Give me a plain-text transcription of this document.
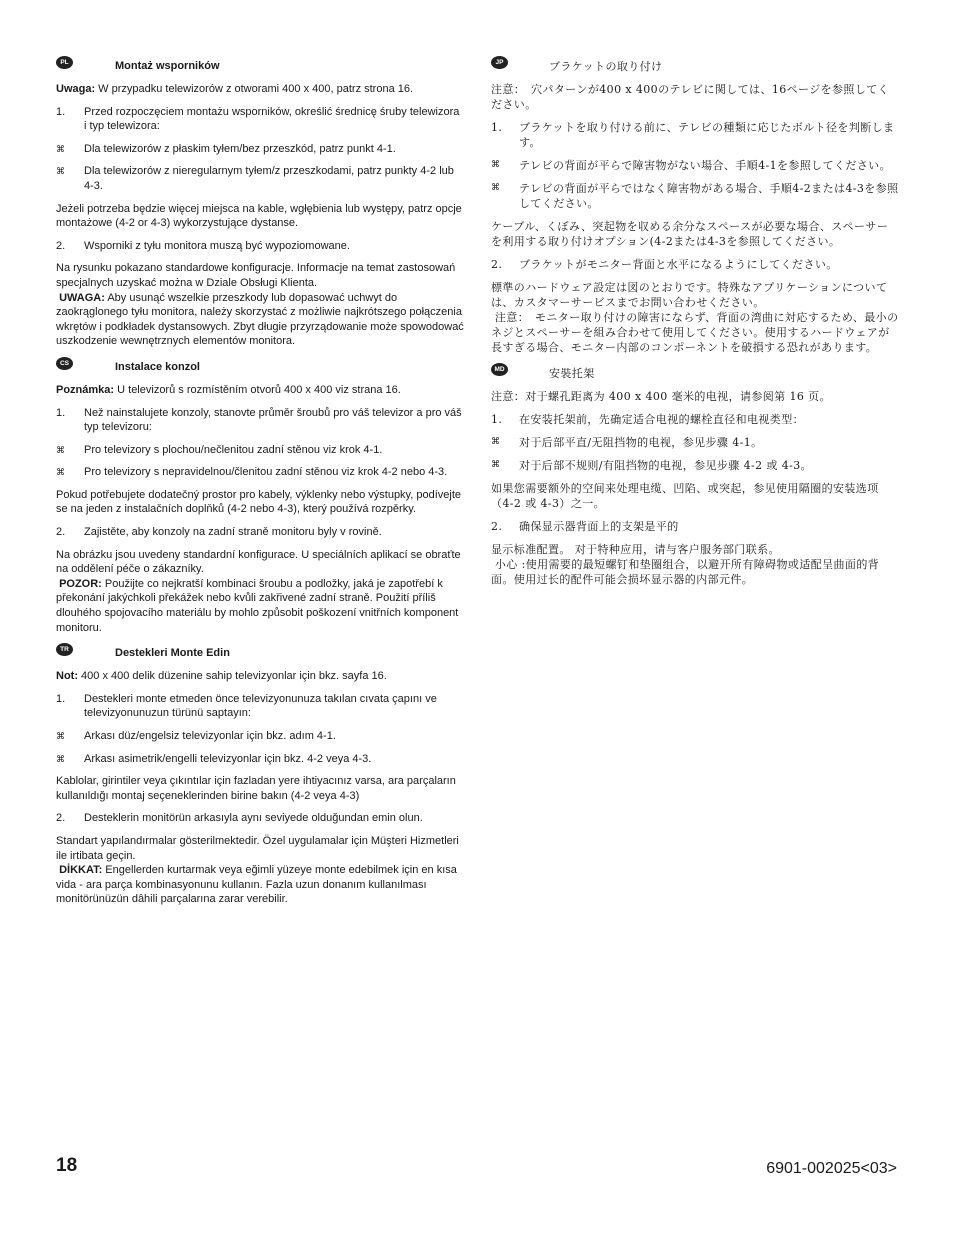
PL	Montaż wsporników

Uwaga: W przypadku telewizorów z otworami 400 x 400, patrz strona 16.

1. Przed rozpoczęciem montażu wsporników, określić średnicę śruby telewizora i typ telewizora:
⌘ Dla telewizorów z płaskim tyłem/bez przeszkód, patrz punkt 4-1.
⌘ Dla telewizorów z nieregularnym tyłem/z przeszkodami, patrz punkty 4-2 lub 4-3.

Jeżeli potrzeba będzie więcej miejsca na kable, wgłębienia lub występy, patrz opcje montażowe (4-2 or 4-3) wykorzystujące dystanse.

2. Wsporniki z tyłu monitora muszą być wypoziomowane.

Na rysunku pokazano standardowe konfiguracje. Informacje na temat zastosowań specjalnych uzyskać można w Dziale Obsługi Klienta.
UWAGA: Aby usunąć wszelkie przeszkody lub dopasować uchwyt do zaokrąglonego tyłu monitora, należy skorzystać z możliwie najkrótszego połączenia wkrętów i podkładek dystansowych. Zbyt długie przyrządowanie może spowodować uszkodzenie wewnętrznych elementów monitora.

CS	Instalace konzol

Poznámka: U televizorů s rozmístěním otvorů 400 x 400 viz strana 16.

1. Než nainstalujete konzoly, stanovte průměr šroubů pro váš televizor a pro váš typ televizoru:
⌘ Pro televizory s plochou/nečlenitou zadní stěnou viz krok 4-1.
⌘ Pro televizory s nepravidelnou/členitou zadní stěnou viz krok 4-2 nebo 4-3.

Pokud potřebujete dodatečný prostor pro kabely, výklenky nebo výstupky, podívejte se na jeden z instalačních doplňků (4-2 nebo 4-3), který používá rozpěrky.

2. Zajistěte, aby konzoly na zadní straně monitoru byly v rovině.

Na obrázku jsou uvedeny standardní konfigurace. U speciálních aplikací se obraťte na oddělení péče o zákazníky.
POZOR: Použijte co nejkratší kombinaci šroubu a podložky, jaká je zapotřebí k překonání jakýchkoli překážek nebo kvůli zakřivené zadní straně. Použití příliš dlouhého spojovacího materiálu by mohlo způsobit poškození vnitřních komponent monitoru.

TR	Destekleri Monte Edin

Not: 400 x 400 delik düzenine sahip televizyonlar için bkz. sayfa 16.

1. Destekleri monte etmeden önce televizyonunuza takılan cıvata çapını ve televizyonunuzun türünü saptayın:
⌘ Arkası düz/engelsiz televizyonlar için bkz. adım 4-1.
⌘ Arkası asimetrik/engelli televizyonlar için bkz. 4-2 veya 4-3.

Kablolar, girintiler veya çıkıntılar için fazladan yere ihtiyacınız varsa, ara parçaların kullanıldığı montaj seçeneklerinden birine bakın (4-2 veya 4-3)

2. Desteklerin monitörün arkasıyla aynı seviyede olduğundan emin olun.

Standart yapılandırmalar gösterilmektedir. Özel uygulamalar için Müşteri Hizmetleri ile irtibata geçin.
DİKKAT: Engellerden kurtarmak veya eğimli yüzeye monte edebilmek için en kısa vida - ara parça kombinasyonunu kullanın. Fazla uzun donanım kullanılması monitörünüzün dâhili parçalarına zarar verebilir.

JP	ブラケットの取り付け

注意：　穴パターンが400 x 400のテレビに関しては、16ページを参照してください。

1. ブラケットを取り付ける前に、テレビの種類に応じたボルト径を判断します。
⌘ テレビの背面が平らで障害物がない場合、手順4-1を参照してください。
⌘ テレビの背面が平らではなく障害物がある場合、手順4-2または4-3を参照してください。

ケーブル、くぼみ、突起物を収める余分なスペースが必要な場合、スペーサーを利用する取り付けオプション(4-2または4-3を参照してください。

2. ブラケットがモニター背面と水平になるようにしてください。

標準のハードウェア設定は図のとおりです。特殊なアプリケーションについては、カスタマーサービスまでお問い合わせください。
注意：　モニター取り付けの障害にならず、背面の湾曲に対応するため、最小のネジとスペーサーを組み合わせて使用してください。使用するハードウェアが長すぎる場合、モニター内部のコンポーネントを破損する恐れがあります。

MD	安裝托架

注意：对于螺孔距离为 400 x 400 毫米的电视，请参阅第 16 页。

1. 在安装托架前，先确定适合电视的螺栓直径和电视类型：
⌘ 对于后部平直/无阻挡物的电视，参见步骤 4-1。
⌘ 对于后部不规则/有阻挡物的电视，参见步骤 4-2 或 4-3。

如果您需要额外的空间来处理电缆、凹陷、或突起，参见使用隔圈的安装选项（4-2 或 4-3）之一。

2. 确保显示器背面上的支架是平的

显示标准配置。 对于特种应用，请与客户服务部门联系。
小心 :使用需要的最短螺钉和垫圈组合，以避开所有障碍物或适配呈曲面的背面。使用过长的配件可能会损坏显示器的内部元件。

18	6901-002025<03>
